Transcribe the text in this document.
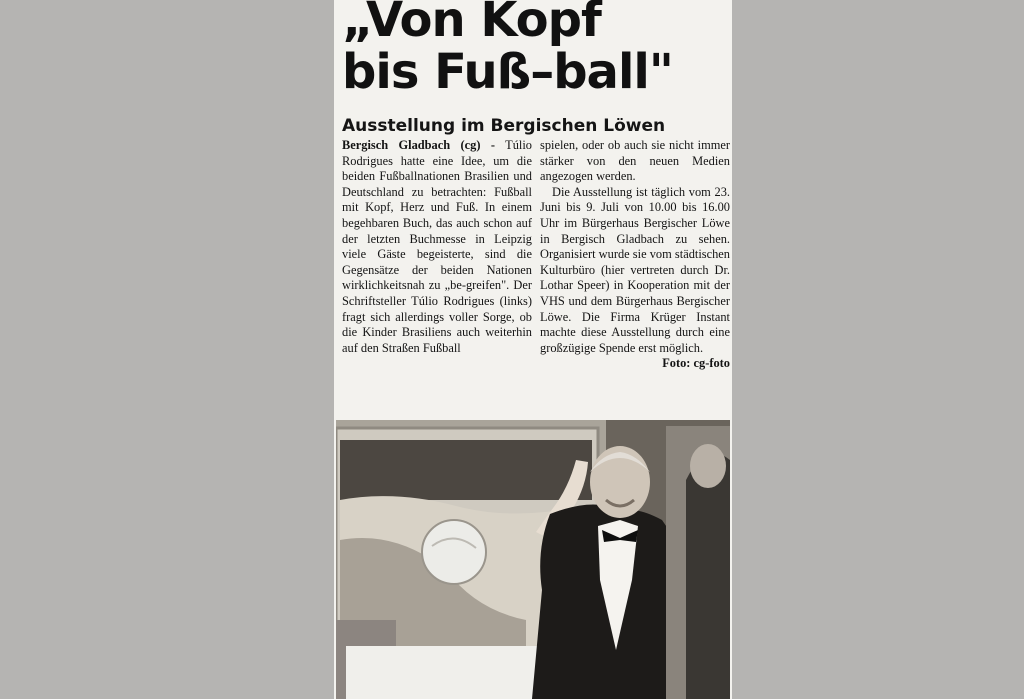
„Von Kopf
bis Fuß–ball"
Ausstellung im Bergischen Löwen

Bergisch Gladbach (cg) - Túlio Rodrigues hatte eine Idee, um die beiden Fußballnationen Brasilien und Deutschland zu betrachten: Fußball mit Kopf, Herz und Fuß. In einem begehbaren Buch, das auch schon auf der letzten Buchmesse in Leipzig viele Gäste begeisterte, sind die Gegensätze der beiden Nationen wirklichkeitsnah zu „be-greifen". Der Schriftsteller Túlio Rodrigues (links) fragt sich allerdings voller Sorge, ob die Kinder Brasiliens auch weiterhin auf den Straßen Fußball

spielen, oder ob auch sie nicht immer stärker von den neuen Medien angezogen werden.

Die Ausstellung ist täglich vom 23. Juni bis 9. Juli von 10.00 bis 16.00 Uhr im Bürgerhaus Bergischer Löwe in Bergisch Gladbach zu sehen. Organisiert wurde sie vom städtischen Kulturbüro (hier vertreten durch Dr. Lothar Speer) in Kooperation mit der VHS und dem Bürgerhaus Bergischer Löwe. Die Firma Krüger Instant machte diese Ausstellung durch eine großzügige Spende erst möglich.
Foto: cg-foto
